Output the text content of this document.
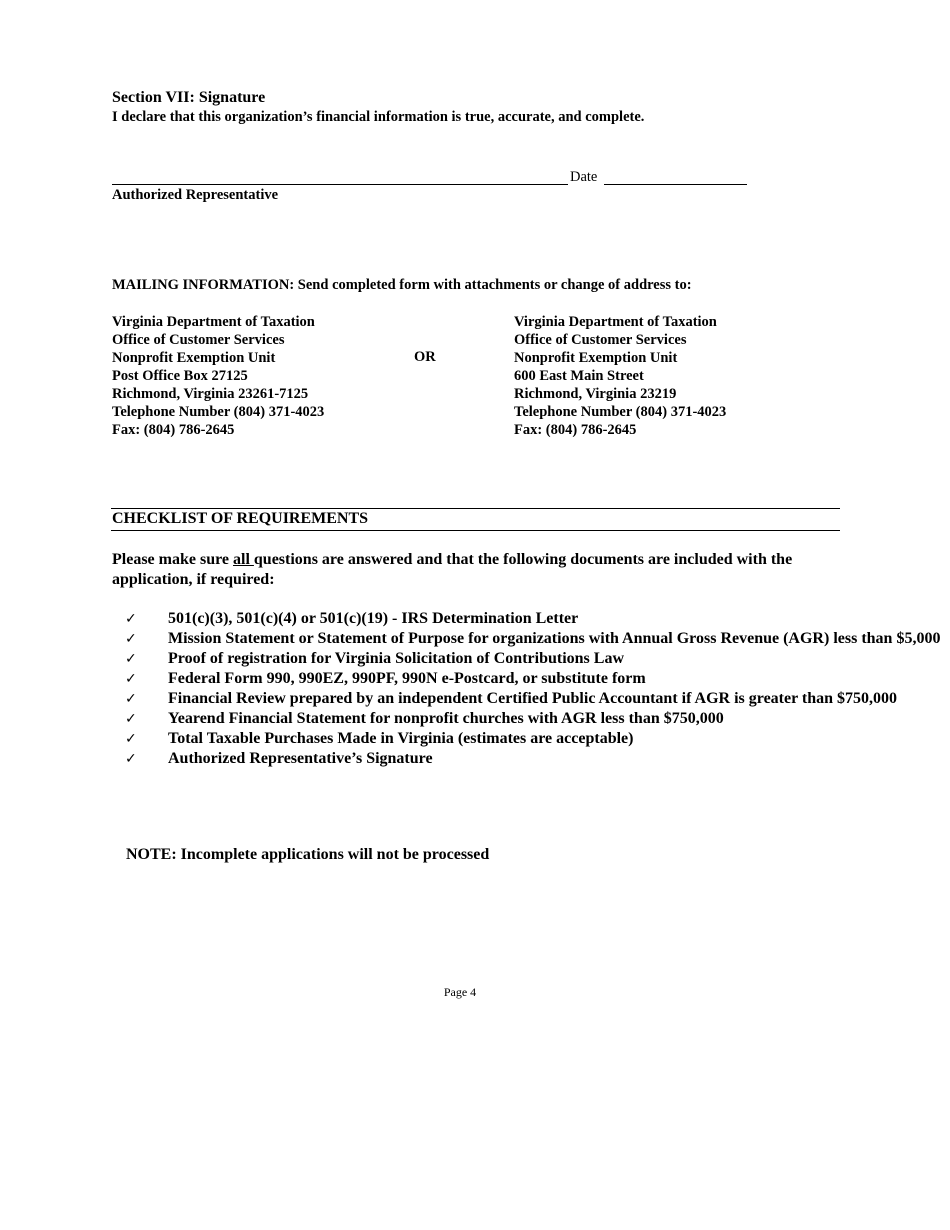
Section VII: Signature
I declare that this organization’s financial information is true, accurate, and complete.
Date
Authorized Representative
MAILING INFORMATION: Send completed form with attachments or change of address to:
Virginia Department of Taxation
Office of Customer Services
Nonprofit Exemption Unit
Post Office Box 27125
Richmond, Virginia 23261-7125
Telephone Number (804) 371-4023
Fax: (804) 786-2645
OR
Virginia Department of Taxation
Office of Customer Services
Nonprofit Exemption Unit
600 East Main Street
Richmond, Virginia 23219
Telephone Number (804) 371-4023
Fax: (804) 786-2645
CHECKLIST OF REQUIREMENTS
Please make sure all questions are answered and that the following documents are included with the application, if required:
✓ 501(c)(3), 501(c)(4) or 501(c)(19) - IRS Determination Letter
✓ Mission Statement or Statement of Purpose for organizations with Annual Gross Revenue (AGR) less than $5,000
✓ Proof of registration for Virginia Solicitation of Contributions Law
✓ Federal Form 990, 990EZ, 990PF, 990N e-Postcard, or substitute form
✓ Financial Review prepared by an independent Certified Public Accountant if AGR is greater than $750,000
✓ Yearend Financial Statement for nonprofit churches with AGR less than $750,000
✓ Total Taxable Purchases Made in Virginia (estimates are acceptable)
✓ Authorized Representative’s Signature
NOTE: Incomplete applications will not be processed
Page 4
